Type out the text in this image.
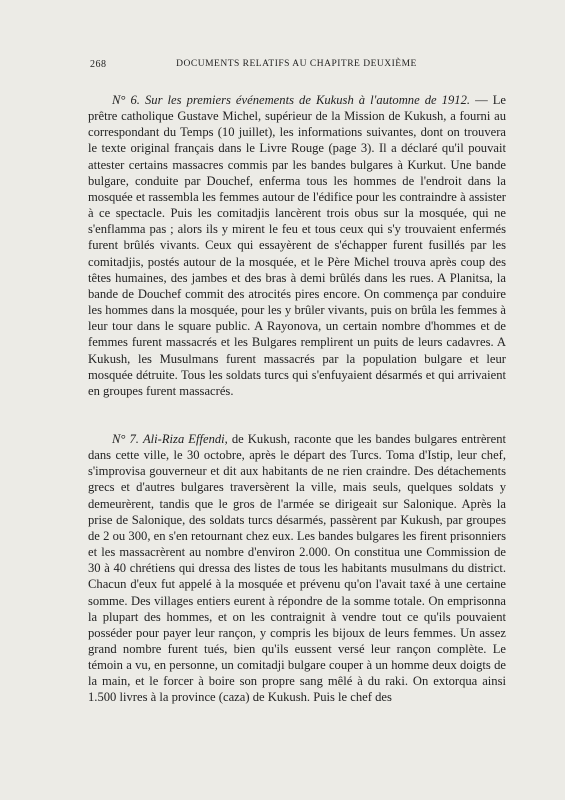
268	DOCUMENTS RELATIFS AU CHAPITRE DEUXIÈME

N° 6. Sur les premiers événements de Kukush à l'automne de 1912. — Le prêtre catholique Gustave Michel, supérieur de la Mission de Kukush, a fourni au correspondant du Temps (10 juillet), les informations suivantes, dont on trouvera le texte original français dans le Livre Rouge (page 3). Il a déclaré qu'il pouvait attester certains massacres commis par les bandes bulgares à Kurkut. Une bande bulgare, conduite par Douchef, enferma tous les hommes de l'endroit dans la mosquée et rassembla les femmes autour de l'édifice pour les contraindre à assister à ce spectacle. Puis les comitadjis lancèrent trois obus sur la mosquée, qui ne s'enflamma pas ; alors ils y mirent le feu et tous ceux qui s'y trouvaient enfermés furent brûlés vivants. Ceux qui essayèrent de s'échapper furent fusillés par les comitadjis, postés autour de la mosquée, et le Père Michel trouva après coup des têtes humaines, des jambes et des bras à demi brûlés dans les rues. A Planitsa, la bande de Douchef commit des atrocités pires encore. On commença par conduire les hommes dans la mosquée, pour les y brûler vivants, puis on brûla les femmes à leur tour dans le square public. A Rayonova, un certain nombre d'hommes et de femmes furent massacrés et les Bulgares remplirent un puits de leurs cadavres. A Kukush, les Musulmans furent massacrés par la population bulgare et leur mosquée détruite. Tous les soldats turcs qui s'enfuyaient désarmés et qui arrivaient en groupes furent massacrés.

N° 7. Ali-Riza Effendi, de Kukush, raconte que les bandes bulgares entrèrent dans cette ville, le 30 octobre, après le départ des Turcs. Toma d'Istip, leur chef, s'improvisa gouverneur et dit aux habitants de ne rien craindre. Des détachements grecs et d'autres bulgares traversèrent la ville, mais seuls, quelques soldats y demeurèrent, tandis que le gros de l'armée se dirigeait sur Salonique. Après la prise de Salonique, des soldats turcs désarmés, passèrent par Kukush, par groupes de 2 ou 300, en s'en retournant chez eux. Les bandes bulgares les firent prisonniers et les massacrèrent au nombre d'environ 2.000. On constitua une Commission de 30 à 40 chrétiens qui dressa des listes de tous les habitants musulmans du district. Chacun d'eux fut appelé à la mosquée et prévenu qu'on l'avait taxé à une certaine somme. Des villages entiers eurent à répondre de la somme totale. On emprisonna la plupart des hommes, et on les contraignit à vendre tout ce qu'ils pouvaient posséder pour payer leur rançon, y compris les bijoux de leurs femmes. Un assez grand nombre furent tués, bien qu'ils eussent versé leur rançon complète. Le témoin a vu, en personne, un comitadji bulgare couper à un homme deux doigts de la main, et le forcer à boire son propre sang mêlé à du raki. On extorqua ainsi 1.500 livres à la province (caza) de Kukush. Puis le chef des
